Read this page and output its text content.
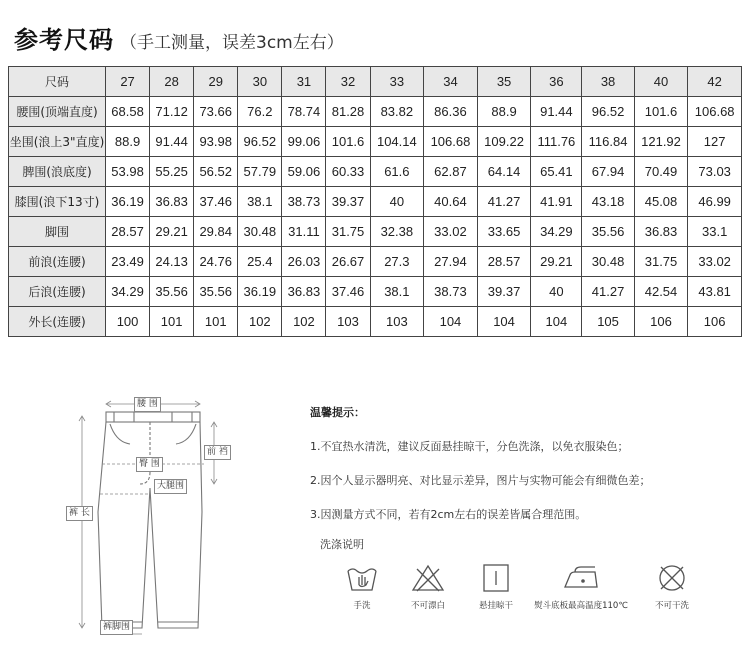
参考尺码 （手工测量，误差3cm左右）
尺码	27	28	29	30	31	32	33	34	35	36	38	40	42
腰围(顶端直度)	68.58	71.12	73.66	76.2	78.74	81.28	83.82	86.36	88.9	91.44	96.52	101.6	106.68
坐围(浪上3"直度)	88.9	91.44	93.98	96.52	99.06	101.6	104.14	106.68	109.22	111.76	116.84	121.92	127
脾围(浪底度)	53.98	55.25	56.52	57.79	59.06	60.33	61.6	62.87	64.14	65.41	67.94	70.49	73.03
膝围(浪下13寸)	36.19	36.83	37.46	38.1	38.73	39.37	40	40.64	41.27	41.91	43.18	45.08	46.99
脚围	28.57	29.21	29.84	30.48	31.11	31.75	32.38	33.02	33.65	34.29	35.56	36.83	33.1
前浪(连腰)	23.49	24.13	24.76	25.4	26.03	26.67	27.3	27.94	28.57	29.21	30.48	31.75	33.02
后浪(连腰)	34.29	35.56	35.56	36.19	36.83	37.46	38.1	38.73	39.37	40	41.27	42.54	43.81
外长(连腰)	100	101	101	102	102	103	103	104	104	104	105	106	106
腰 围
前 裆
臀 围
大腿围
裤 长
裤脚围
温馨提示：
1.不宜热水清洗，建议反面悬挂晾干，分色洗涤，以免衣服染色；
2.因个人显示器明亮、对比显示差异，图片与实物可能会有细微色差；
3.因测量方式不同，若有2cm左右的误差皆属合理范围。
洗涤说明
手洗	不可漂白	悬挂晾干	熨斗底板最高温度110℃	不可干洗
